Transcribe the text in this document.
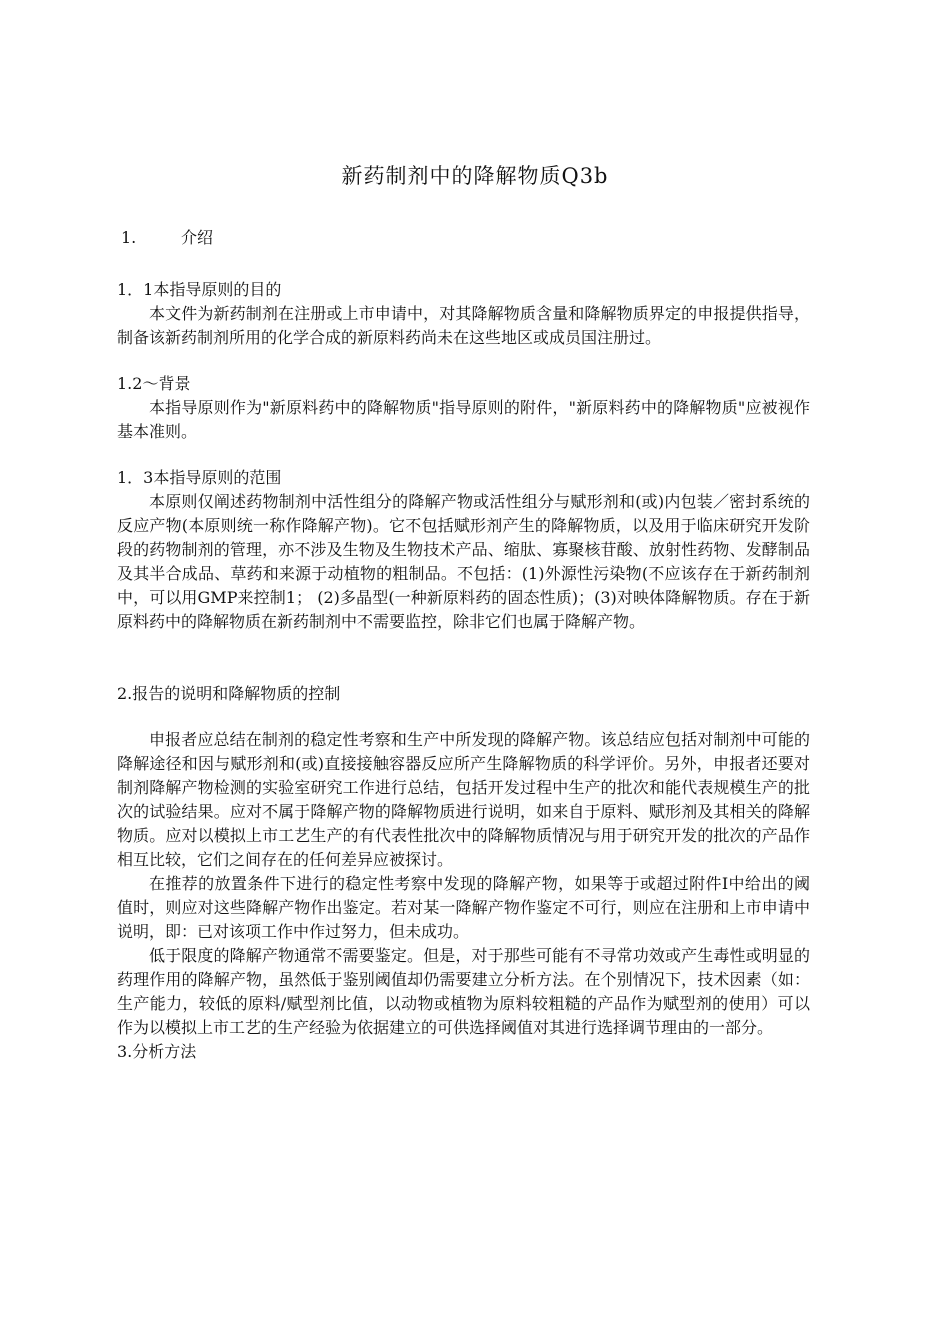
新药制剂中的降解物质Q3b
1.	介绍
1．1本指导原则的目的

本文件为新药制剂在注册或上市申请中，对其降解物质含量和降解物质界定的申报提供指导，制备该新药制剂所用的化学合成的新原料药尚未在这些地区或成员国注册过。

1.2～背景

本指导原则作为"新原料药中的降解物质"指导原则的附件，"新原料药中的降解物质"应被视作基本准则。

1．3本指导原则的范围

本原则仅阐述药物制剂中活性组分的降解产物或活性组分与赋形剂和(或)内包装／密封系统的反应产物(本原则统一称作降解产物)。它不包括赋形剂产生的降解物质，以及用于临床研究开发阶段的药物制剂的管理，亦不涉及生物及生物技术产品、缩肽、寡聚核苷酸、放射性药物、发酵制品及其半合成品、草药和来源于动植物的粗制品。不包括：(1)外源性污染物(不应该存在于新药制剂中，可以用GMP来控制1； (2)多晶型(一种新原料药的固态性质)；(3)对映体降解物质。存在于新原料药中的降解物质在新药制剂中不需要监控，除非它们也属于降解产物。

2.报告的说明和降解物质的控制

申报者应总结在制剂的稳定性考察和生产中所发现的降解产物。该总结应包括对制剂中可能的降解途径和因与赋形剂和(或)直接接触容器反应所产生降解物质的科学评价。另外，申报者还要对制剂降解产物检测的实验室研究工作进行总结，包括开发过程中生产的批次和能代表规模生产的批次的试验结果。应对不属于降解产物的降解物质进行说明，如来自于原料、赋形剂及其相关的降解物质。应对以模拟上市工艺生产的有代表性批次中的降解物质情况与用于研究开发的批次的产品作相互比较，它们之间存在的任何差异应被探讨。

在推荐的放置条件下进行的稳定性考察中发现的降解产物，如果等于或超过附件Ⅰ中给出的阈值时，则应对这些降解产物作出鉴定。若对某一降解产物作鉴定不可行，则应在注册和上市申请中说明，即：已对该项工作中作过努力，但未成功。

低于限度的降解产物通常不需要鉴定。但是，对于那些可能有不寻常功效或产生毒性或明显的药理作用的降解产物，虽然低于鉴别阈值却仍需要建立分析方法。在个别情况下，技术因素（如：生产能力，较低的原料/赋型剂比值，以动物或植物为原料较粗糙的产品作为赋型剂的使用）可以作为以模拟上市工艺的生产经验为依据建立的可供选择阈值对其进行选择调节理由的一部分。

3.分析方法
